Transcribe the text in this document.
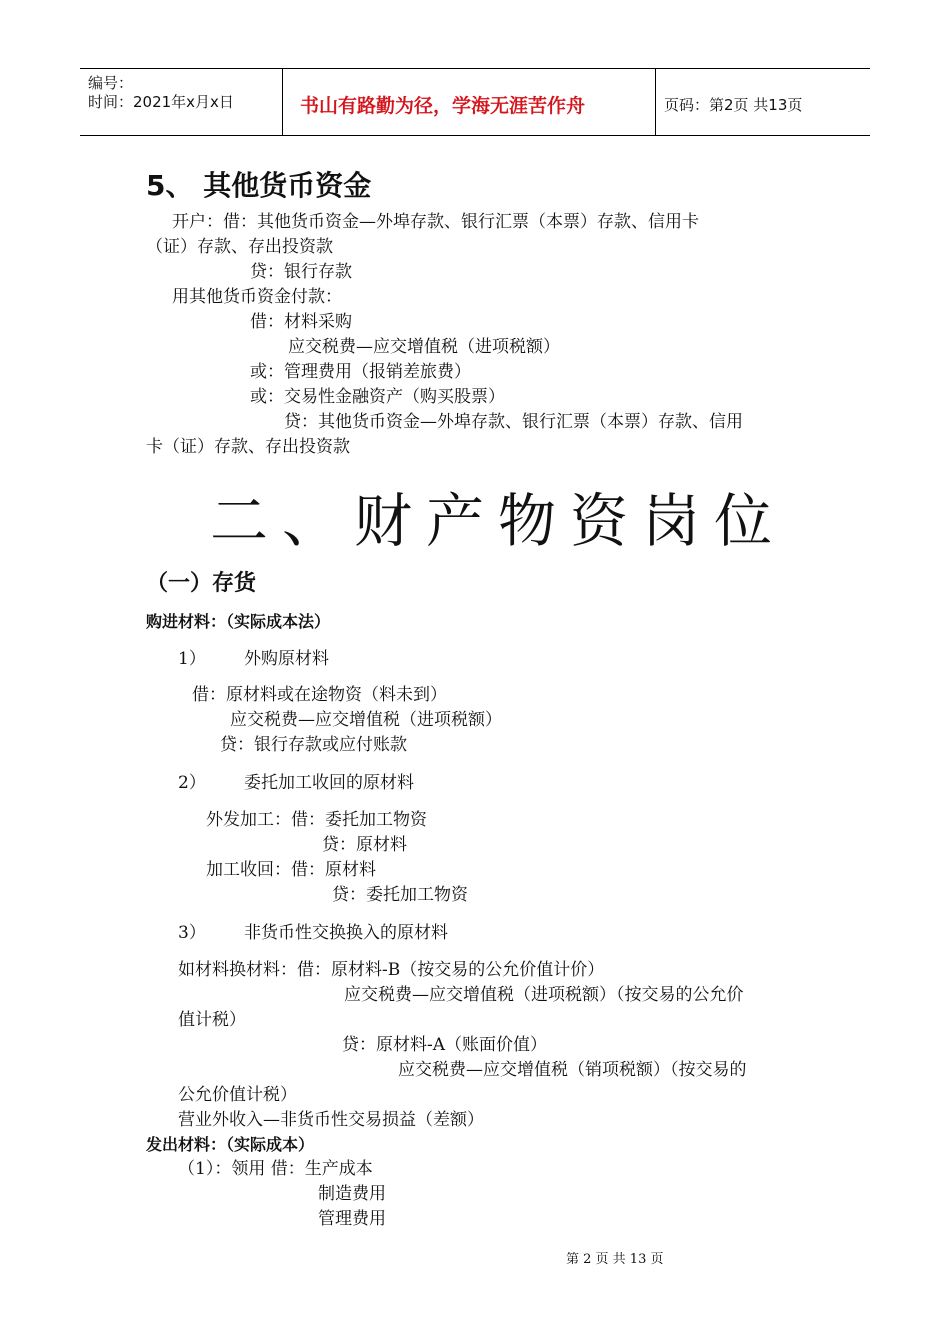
编号：
时间：2021年x月x日	书山有路勤为径，学海无涯苦作舟	页码：第2页 共13页
5、 其他货币资金
开户：借：其他货币资金—外埠存款、银行汇票（本票）存款、信用卡
（证）存款、存出投资款
贷：银行存款
用其他货币资金付款：
借：材料采购
应交税费—应交增值税（进项税额）
或：管理费用（报销差旅费）
或：交易性金融资产（购买股票）
贷：其他货币资金—外埠存款、银行汇票（本票）存款、信用
卡（证）存款、存出投资款
二、财产物资岗位
（一）存货
购进材料：（实际成本法）
1） 外购原材料
借：原材料或在途物资（料未到）
应交税费—应交增值税（进项税额）
贷：银行存款或应付账款
2） 委托加工收回的原材料
外发加工：借：委托加工物资
贷：原材料
加工收回：借：原材料
贷：委托加工物资
3） 非货币性交换换入的原材料
如材料换材料：借：原材料-B（按交易的公允价值计价）
应交税费—应交增值税（进项税额）（按交易的公允价
值计税）
贷：原材料-A（账面价值）
应交税费—应交增值税（销项税额）（按交易的
公允价值计税）
营业外收入—非货币性交易损益（差额）
发出材料：（实际成本）
（1）：领用 借：生产成本
制造费用
管理费用
第 2 页 共 13 页
